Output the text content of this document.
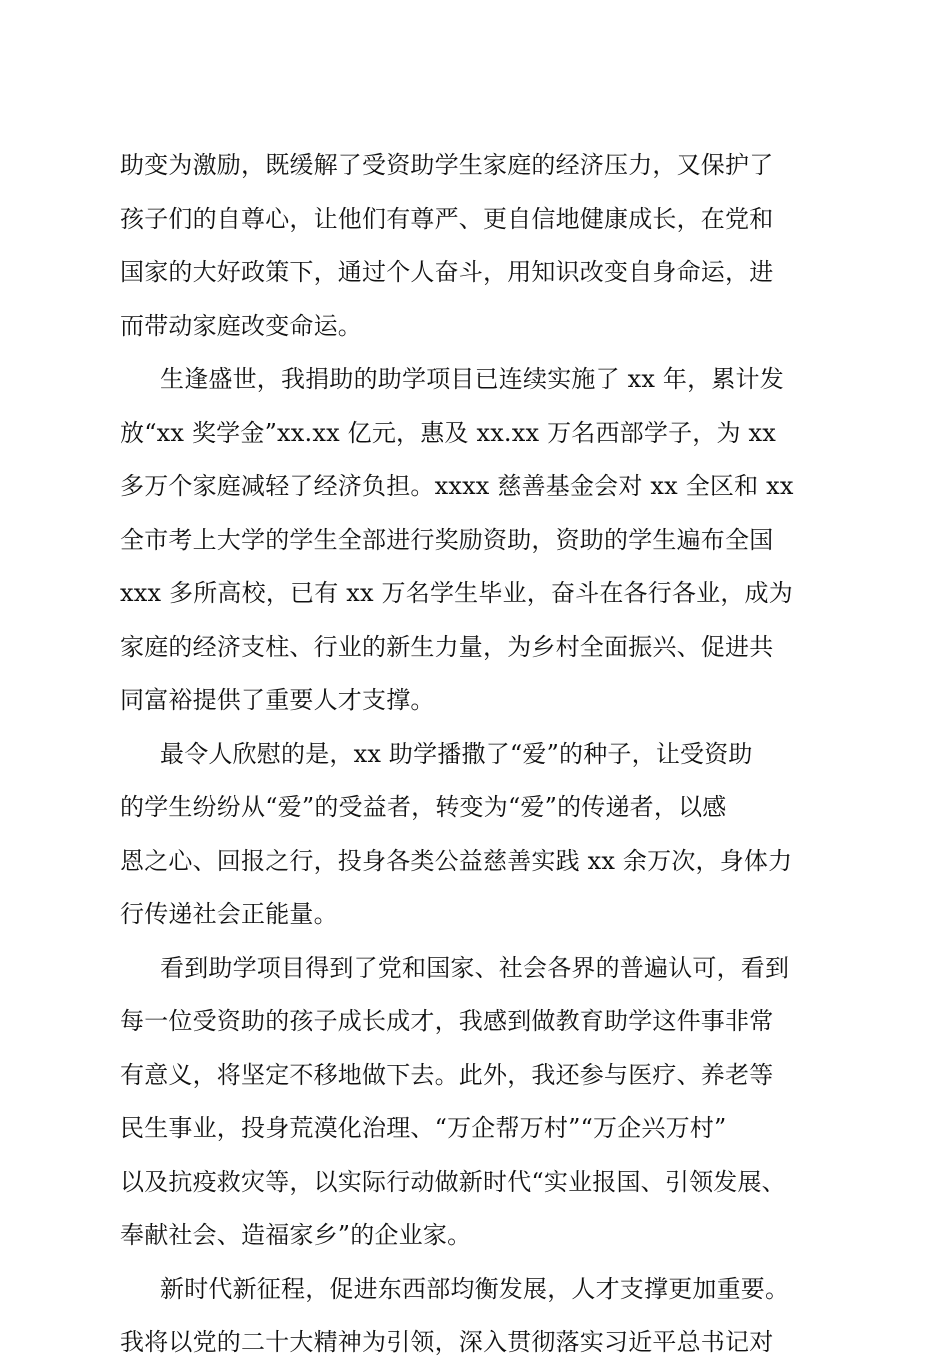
助变为激励，既缓解了受资助学生家庭的经济压力，又保护了
孩子们的自尊心，让他们有尊严、更自信地健康成长，在党和
国家的大好政策下，通过个人奋斗，用知识改变自身命运，进
而带动家庭改变命运。
生逢盛世，我捐助的助学项目已连续实施了 xx 年，累计发
放“xx 奖学金”xx.xx 亿元，惠及 xx.xx 万名西部学子，为 xx
多万个家庭减轻了经济负担。xxxx 慈善基金会对 xx 全区和 xx
全市考上大学的学生全部进行奖励资助，资助的学生遍布全国
xxx 多所高校，已有 xx 万名学生毕业，奋斗在各行各业，成为
家庭的经济支柱、行业的新生力量，为乡村全面振兴、促进共
同富裕提供了重要人才支撑。
最令人欣慰的是，xx 助学播撒了“爱”的种子，让受资助
的学生纷纷从“爱”的受益者，转变为“爱”的传递者，以感
恩之心、回报之行，投身各类公益慈善实践 xx 余万次，身体力
行传递社会正能量。
看到助学项目得到了党和国家、社会各界的普遍认可，看到
每一位受资助的孩子成长成才，我感到做教育助学这件事非常
有意义，将坚定不移地做下去。此外，我还参与医疗、养老等
民生事业，投身荒漠化治理、“万企帮万村”“万企兴万村”
以及抗疫救灾等，以实际行动做新时代“实业报国、引领发展、
奉献社会、造福家乡”的企业家。
新时代新征程，促进东西部均衡发展，人才支撑更加重要。
我将以党的二十大精神为引领，深入贯彻落实习近平总书记对
